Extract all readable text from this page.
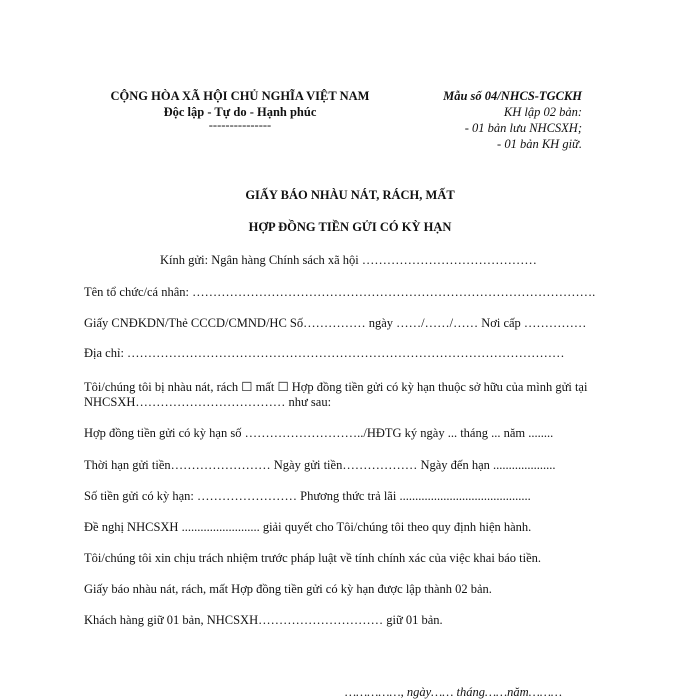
CỘNG HÒA XÃ HỘI CHỦ NGHĨA VIỆT NAM
Độc lập - Tự do - Hạnh phúc
---------------
Mẫu số 04/NHCS-TGCKH
KH lập 02 bản:
- 01 bản lưu NHCSXH;
- 01 bản KH giữ.
GIẤY BÁO NHÀU NÁT, RÁCH, MẤT
HỢP ĐỒNG TIỀN GỬI CÓ KỲ HẠN
Kính gửi: Ngân hàng Chính sách xã hội ……………………………………
Tên tổ chức/cá nhân: …………………………………………………………………………………….
Giấy CNĐKDN/Thẻ CCCD/CMND/HC Số…………… ngày ……/……/…… Nơi cấp ……………
Địa chỉ: ……………………………………………………………………………………………
Tôi/chúng tôi bị nhàu nát, rách ☐ mất ☐ Hợp đồng tiền gửi có kỳ hạn thuộc sở hữu của mình gửi tại
NHCSXH……………………………… như sau:
Hợp đồng tiền gửi có kỳ hạn số ………………………../HĐTG ký ngày ... tháng ... năm ........
Thời hạn gửi tiền…………………… Ngày gửi tiền……………… Ngày đến hạn ....................
Số tiền gửi có kỳ hạn: …………………… Phương thức trả lãi ..........................................
Đề nghị NHCSXH ......................... giải quyết cho Tôi/chúng tôi theo quy định hiện hành.
Tôi/chúng tôi xin chịu trách nhiệm trước pháp luật về tính chính xác của việc khai báo tiền.
Giấy báo nhàu nát, rách, mất Hợp đồng tiền gửi có kỳ hạn được lập thành 02 bản.
Khách hàng giữ 01 bản, NHCSXH………………………… giữ 01 bản.
……………, ngày…… tháng……năm………
